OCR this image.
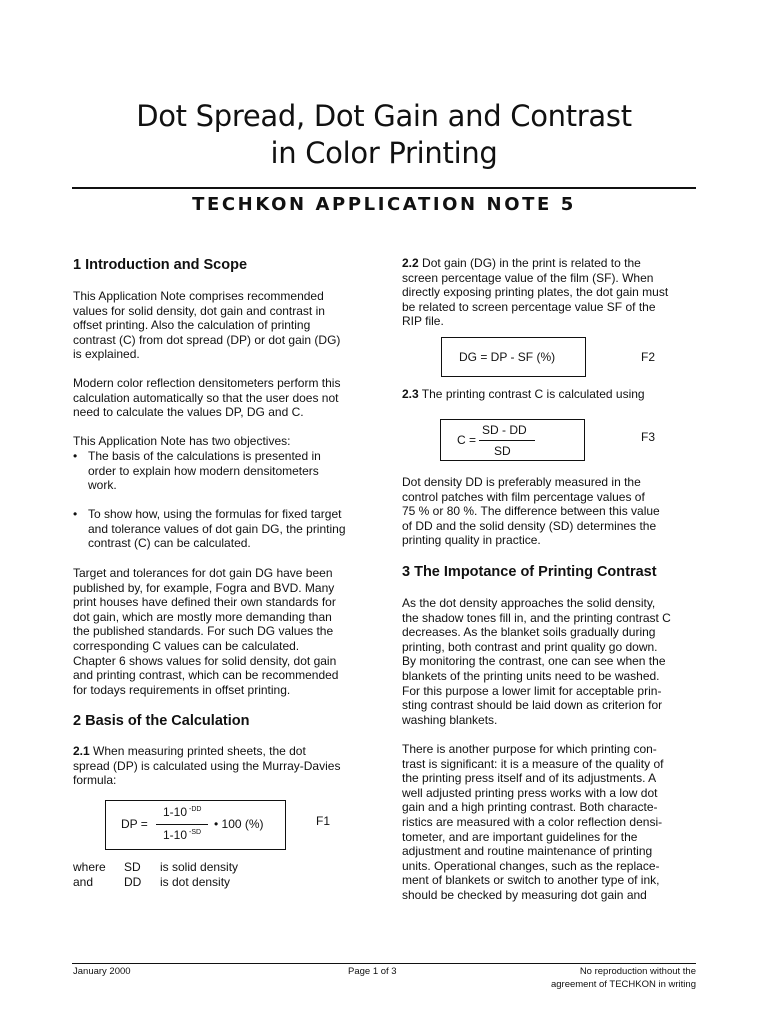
Dot Spread, Dot Gain and Contrast
in Color Printing
TECHKON APPLICATION NOTE 5
1 Introduction and Scope
This Application Note comprises recommended
values for solid density, dot gain and contrast in
offset printing. Also the calculation of printing
contrast (C) from dot spread (DP) or dot gain (DG)
is explained.
Modern color reflection densitometers perform this
calculation automatically so that the user does not
need to calculate the values DP, DG and C.
This Application Note has two objectives:
• The basis of the calculations is presented in
order to explain how modern densitometers
work.
• To show how, using the formulas for fixed target
and tolerance values of dot gain DG, the printing
contrast (C) can be calculated.
Target and tolerances for dot gain DG have been
published by, for example, Fogra and BVD. Many
print houses have defined their own standards for
dot gain, which are mostly more demanding than
the published standards. For such DG values the
corresponding C values can be calculated.
Chapter 6 shows values for solid density, dot gain
and printing contrast, which can be recommended
for todays requirements in offset printing.
2 Basis of the Calculation
2.1 When measuring printed sheets, the dot
spread (DP) is calculated using the Murray-Davies
formula:
DP =
1-10 $^{-DD}$
1-10 $^{-SD}$
• 100 (%)	F1
where SD is solid density
and	DD is dot density
2.2 Dot gain (DG) in the print is related to the
screen percentage value of the film (SF). When
directly exposing printing plates, the dot gain must
be related to screen percentage value SF of the
RIP file.
DG = DP - SF (%)	F2
2.3 The printing contrast C is calculated using
C =
SD - DD
SD
F3
Dot density DD is preferably measured in the
control patches with film percentage values of
75 % or 80 %. The difference between this value
of DD and the solid density (SD) determines the
printing quality in practice.
3 The Impotance of Printing Contrast
As the dot density approaches the solid density,
the shadow tones fill in, and the printing contrast C
decreases. As the blanket soils gradually during
printing, both contrast and print quality go down.
By monitoring the contrast, one can see when the
blankets of the printing units need to be washed.
For this purpose a lower limit for acceptable prin-
sting contrast should be laid down as criterion for
washing blankets.
There is another purpose for which printing con-
trast is significant: it is a measure of the quality of
the printing press itself and of its adjustments. A
well adjusted printing press works with a low dot
gain and a high printing contrast. Both characte-
ristics are measured with a color reflection densi-
tometer, and are important guidelines for the
adjustment and routine maintenance of printing
units. Operational changes, such as the replace-
ment of blankets or switch to another type of ink,
should be checked by measuring dot gain and
January 2000	Page 1 of 3	No reproduction without the
agreement of TECHKON in writing
